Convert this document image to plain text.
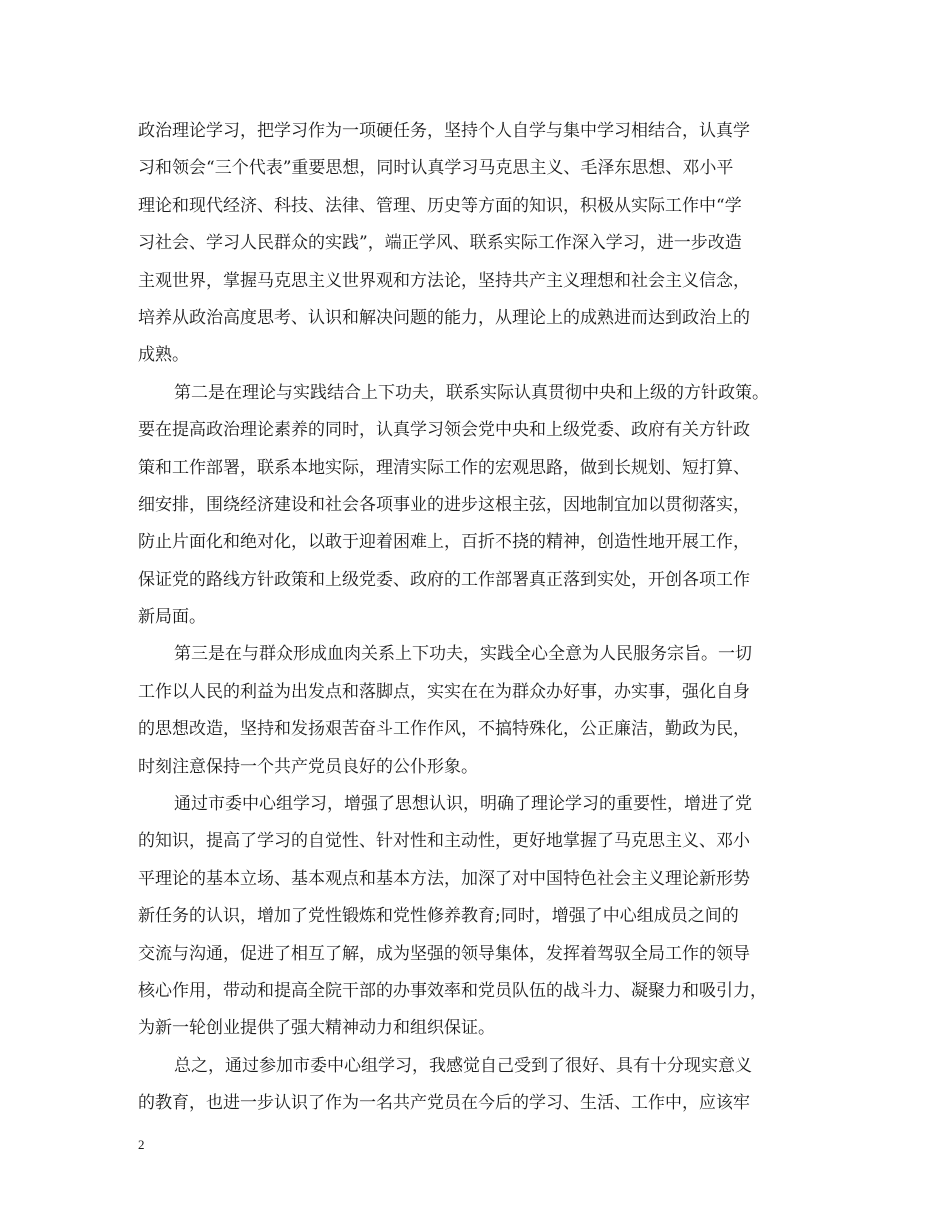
政治理论学习，把学习作为一项硬任务，坚持个人自学与集中学习相结合，认真学
习和领会“三个代表”重要思想，同时认真学习马克思主义、毛泽东思想、邓小平
理论和现代经济、科技、法律、管理、历史等方面的知识，积极从实际工作中“学
习社会、学习人民群众的实践”，端正学风、联系实际工作深入学习，进一步改造
主观世界，掌握马克思主义世界观和方法论，坚持共产主义理想和社会主义信念，
培养从政治高度思考、认识和解决问题的能力，从理论上的成熟进而达到政治上的
成熟。
第二是在理论与实践结合上下功夫，联系实际认真贯彻中央和上级的方针政策。
要在提高政治理论素养的同时，认真学习领会党中央和上级党委、政府有关方针政
策和工作部署，联系本地实际，理清实际工作的宏观思路，做到长规划、短打算、
细安排，围绕经济建设和社会各项事业的进步这根主弦，因地制宜加以贯彻落实，
防止片面化和绝对化，以敢于迎着困难上，百折不挠的精神，创造性地开展工作，
保证党的路线方针政策和上级党委、政府的工作部署真正落到实处，开创各项工作
新局面。
第三是在与群众形成血肉关系上下功夫，实践全心全意为人民服务宗旨。一切
工作以人民的利益为出发点和落脚点，实实在在为群众办好事，办实事，强化自身
的思想改造，坚持和发扬艰苦奋斗工作作风，不搞特殊化，公正廉洁，勤政为民，
时刻注意保持一个共产党员良好的公仆形象。
通过市委中心组学习，增强了思想认识，明确了理论学习的重要性，增进了党
的知识，提高了学习的自觉性、针对性和主动性，更好地掌握了马克思主义、邓小
平理论的基本立场、基本观点和基本方法，加深了对中国特色社会主义理论新形势
新任务的认识，增加了党性锻炼和党性修养教育;同时，增强了中心组成员之间的
交流与沟通，促进了相互了解，成为坚强的领导集体，发挥着驾驭全局工作的领导
核心作用，带动和提高全院干部的办事效率和党员队伍的战斗力、凝聚力和吸引力，
为新一轮创业提供了强大精神动力和组织保证。
总之，通过参加市委中心组学习，我感觉自己受到了很好、具有十分现实意义
的教育，也进一步认识了作为一名共产党员在今后的学习、生活、工作中，应该牢
2
